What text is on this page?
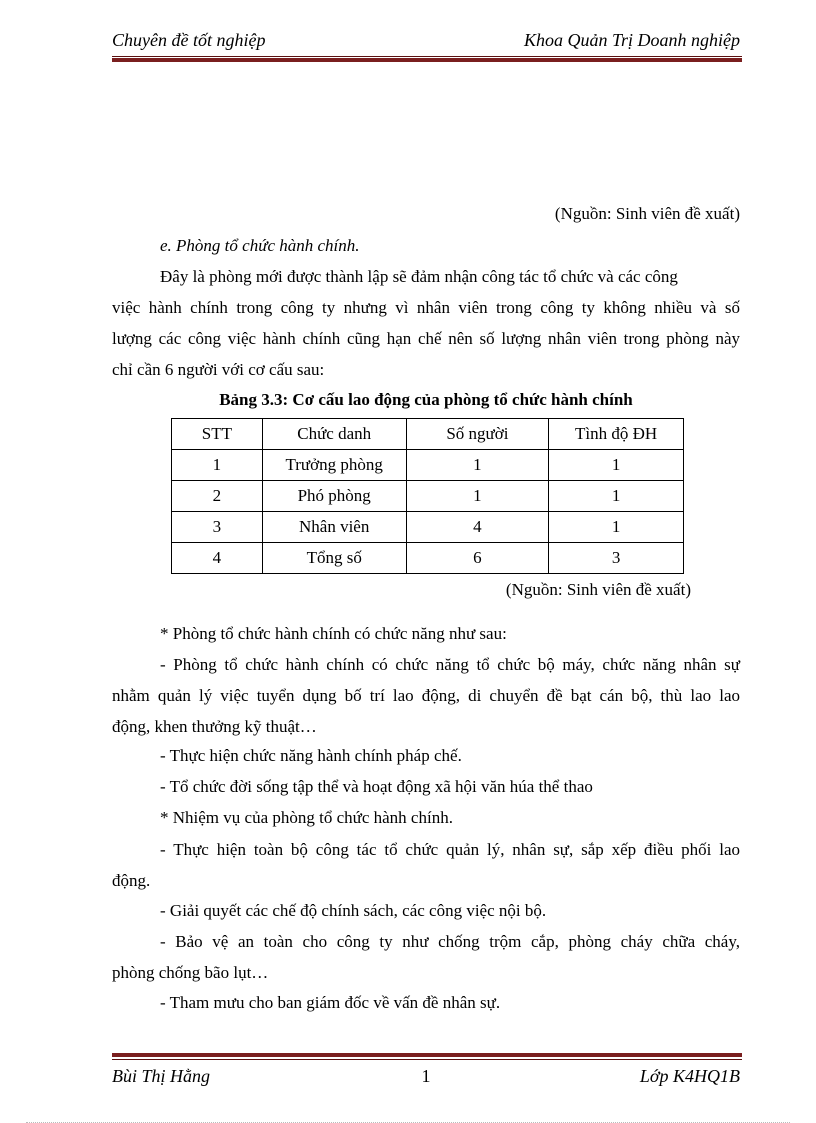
Chuyên đề tốt nghiệp	Khoa Quản Trị Doanh nghiệp
(Nguồn: Sinh viên đề xuất)
e. Phòng tổ chức hành chính.
Đây là phòng mới được thành lập sẽ đảm nhận công tác tổ chức và các công
việc hành chính trong công ty nhưng vì nhân viên trong công ty không nhiều và số
lượng các công việc hành chính cũng hạn chế nên số lượng nhân viên trong phòng này
chỉ cần 6 người với cơ cấu sau:
Bảng 3.3: Cơ cấu lao động của phòng tổ chức hành chính
STT	Chức danh	Số người	Tình độ ĐH
1	Trưởng phòng	1	1
2	Phó phòng	1	1
3	Nhân viên	4	1
4	Tổng số	6	3
(Nguồn: Sinh viên đề xuất)
* Phòng tổ chức hành chính có chức năng như sau:
- Phòng tổ chức hành chính có chức năng tổ chức bộ máy, chức năng nhân sự
nhằm quản lý việc tuyển dụng bố trí lao động, di chuyển đề bạt cán bộ, thù lao lao
động, khen thưởng kỹ thuật…
- Thực hiện chức năng hành chính pháp chế.
- Tổ chức đời sống tập thể và hoạt động xã hội văn húa thể thao
* Nhiệm vụ của phòng tổ chức hành chính.
- Thực hiện toàn bộ công tác tổ chức quản lý, nhân sự, sắp xếp điều phối lao
động.
- Giải quyết các chế độ chính sách, các công việc nội bộ.
- Bảo vệ an toàn cho công ty như chống trộm cắp, phòng cháy chữa cháy,
phòng chống bão lụt…
- Tham mưu cho ban giám đốc về vấn đề nhân sự.
Bùi Thị Hằng	1	Lớp K4HQ1B
